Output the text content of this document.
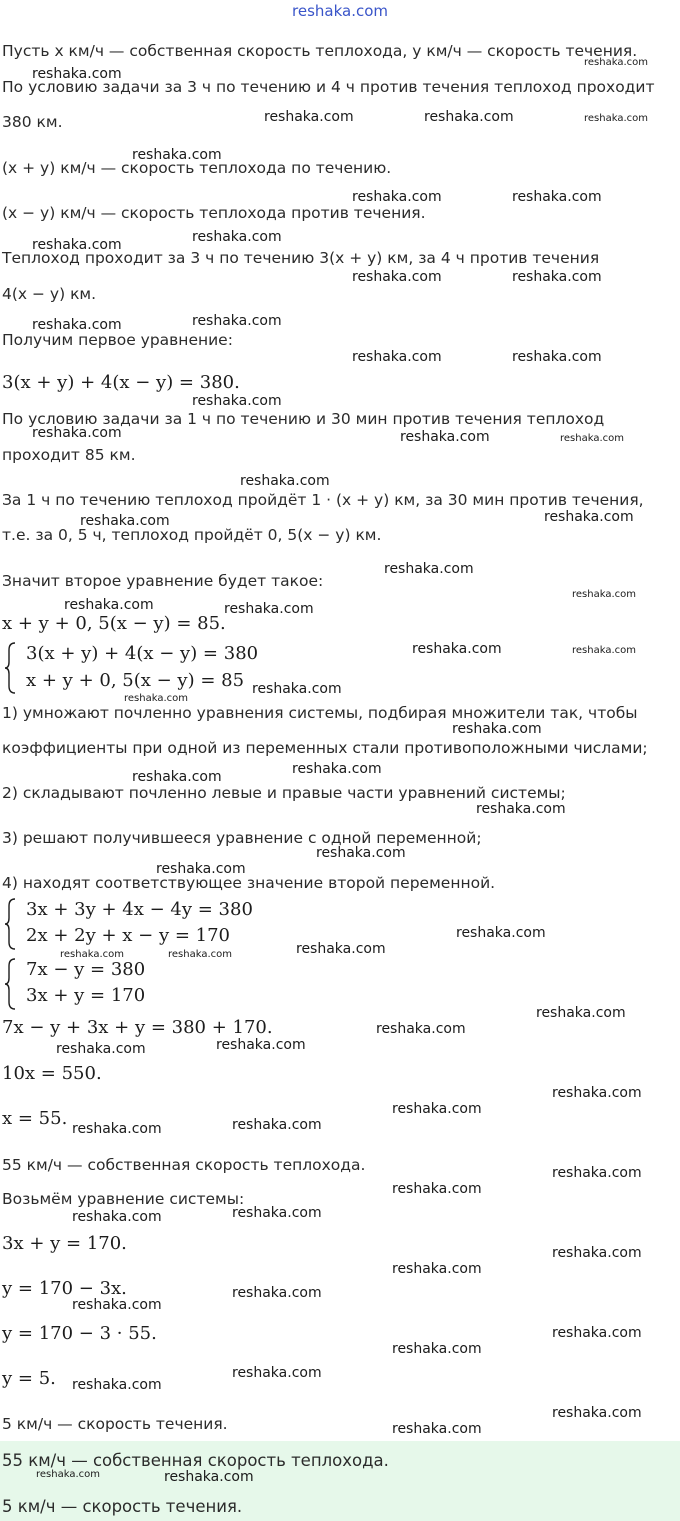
reshaka.com
Пусть x км/ч — собственная скорость теплохода, y км/ч — скорость течения.
По условию задачи за 3 ч по течению и 4 ч против течения теплоход проходит
380 км.
(x + y) км/ч — скорость теплохода по течению.
(x − y) км/ч — скорость теплохода против течения.
Теплоход проходит за 3 ч по течению 3(x + y) км, за 4 ч против течения
4(x − y) км.
Получим первое уравнение:
3(x + y) + 4(x − y) = 380.
По условию задачи за 1 ч по течению и 30 мин против течения теплоход
проходит 85 км.
За 1 ч по течению теплоход пройдёт 1 · (x + y) км, за 30 мин против течения,
т.е. за 0, 5 ч, теплоход пройдёт 0, 5(x − y) км.
Значит второе уравнение будет такое:
x + y + 0, 5(x − y) = 85.
3(x + y) + 4(x − y) = 380
x + y + 0, 5(x − y) = 85
1) умножают почленно уравнения системы, подбирая множители так, чтобы
коэффициенты при одной из переменных стали противоположными числами;
2) складывают почленно левые и правые части уравнений системы;
3) решают получившееся уравнение с одной переменной;
4) находят соответствующее значение второй переменной.
3x + 3y + 4x − 4y = 380
2x + 2y + x − y = 170
7x − y = 380
3x + y = 170
7x − y + 3x + y = 380 + 170.
10x = 550.
x = 55.
55 км/ч — собственная скорость теплохода.
Возьмём уравнение системы:
3x + y = 170.
y = 170 − 3x.
y = 170 − 3 · 55.
y = 5.
5 км/ч — скорость течения.
55 км/ч — собственная скорость теплохода.
5 км/ч — скорость течения.
reshaka.com
reshaka.com
reshaka.com	reshaka.com	reshaka.com
reshaka.com
reshaka.com	reshaka.com
reshaka.com
reshaka.com
reshaka.com	reshaka.com
reshaka.com
reshaka.com
reshaka.com	reshaka.com
reshaka.com
reshaka.com	reshaka.com	reshaka.com
reshaka.com
reshaka.com
reshaka.com
reshaka.com
reshaka.com
reshaka.com	reshaka.com
reshaka.com	reshaka.com
reshaka.com
reshaka.com
reshaka.com
reshaka.com
reshaka.com
reshaka.com
reshaka.com
reshaka.com
reshaka.com
reshaka.com
reshaka.com	reshaka.com
reshaka.com
reshaka.com
reshaka.com
reshaka.com
reshaka.com
reshaka.com
reshaka.com
reshaka.com
reshaka.com
reshaka.com
reshaka.com
reshaka.com
reshaka.com
reshaka.com
reshaka.com
reshaka.com
reshaka.com
reshaka.com
reshaka.com
reshaka.com
reshaka.com
reshaka.com
reshaka.com
reshaka.com
